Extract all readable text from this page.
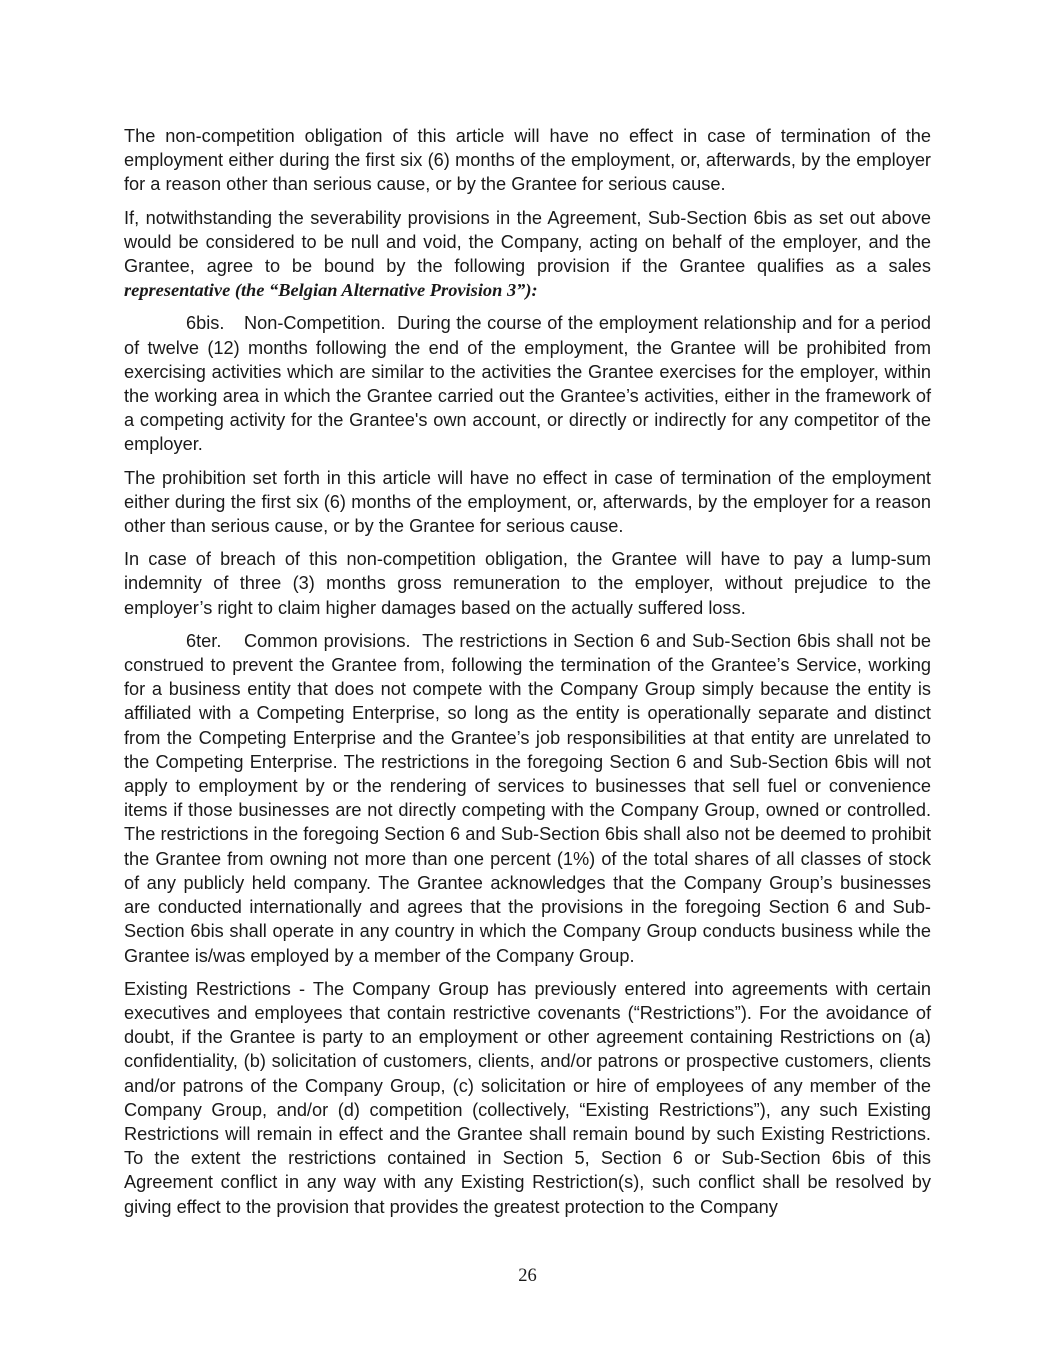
The non-competition obligation of this article will have no effect in case of termination of the employment either during the first six (6) months of the employment, or, afterwards, by the employer for a reason other than serious cause, or by the Grantee for serious cause.

If, notwithstanding the severability provisions in the Agreement, Sub-Section 6bis as set out above would be considered to be null and void, the Company, acting on behalf of the employer, and the Grantee, agree to be bound by the following provision if the Grantee qualifies as a sales representative (the “Belgian Alternative Provision 3”):

6bis. Non-Competition. During the course of the employment relationship and for a period of twelve (12) months following the end of the employment, the Grantee will be prohibited from exercising activities which are similar to the activities the Grantee exercises for the employer, within the working area in which the Grantee carried out the Grantee’s activities, either in the framework of a competing activity for the Grantee's own account, or directly or indirectly for any competitor of the employer.

The prohibition set forth in this article will have no effect in case of termination of the employment either during the first six (6) months of the employment, or, afterwards, by the employer for a reason other than serious cause, or by the Grantee for serious cause.

In case of breach of this non-competition obligation, the Grantee will have to pay a lump-sum indemnity of three (3) months gross remuneration to the employer, without prejudice to the employer’s right to claim higher damages based on the actually suffered loss.

6ter. Common provisions. The restrictions in Section 6 and Sub-Section 6bis shall not be construed to prevent the Grantee from, following the termination of the Grantee’s Service, working for a business entity that does not compete with the Company Group simply because the entity is affiliated with a Competing Enterprise, so long as the entity is operationally separate and distinct from the Competing Enterprise and the Grantee’s job responsibilities at that entity are unrelated to the Competing Enterprise. The restrictions in the foregoing Section 6 and Sub-Section 6bis will not apply to employment by or the rendering of services to businesses that sell fuel or convenience items if those businesses are not directly competing with the Company Group, owned or controlled. The restrictions in the foregoing Section 6 and Sub-Section 6bis shall also not be deemed to prohibit the Grantee from owning not more than one percent (1%) of the total shares of all classes of stock of any publicly held company. The Grantee acknowledges that the Company Group’s businesses are conducted internationally and agrees that the provisions in the foregoing Section 6 and Sub-Section 6bis shall operate in any country in which the Company Group conducts business while the Grantee is/was employed by a member of the Company Group.

Existing Restrictions - The Company Group has previously entered into agreements with certain executives and employees that contain restrictive covenants (“Restrictions”). For the avoidance of doubt, if the Grantee is party to an employment or other agreement containing Restrictions on (a) confidentiality, (b) solicitation of customers, clients, and/or patrons or prospective customers, clients and/or patrons of the Company Group, (c) solicitation or hire of employees of any member of the Company Group, and/or (d) competition (collectively, “Existing Restrictions”), any such Existing Restrictions will remain in effect and the Grantee shall remain bound by such Existing Restrictions. To the extent the restrictions contained in Section 5, Section 6 or Sub-Section 6bis of this Agreement conflict in any way with any Existing Restriction(s), such conflict shall be resolved by giving effect to the provision that provides the greatest protection to the Company

26
